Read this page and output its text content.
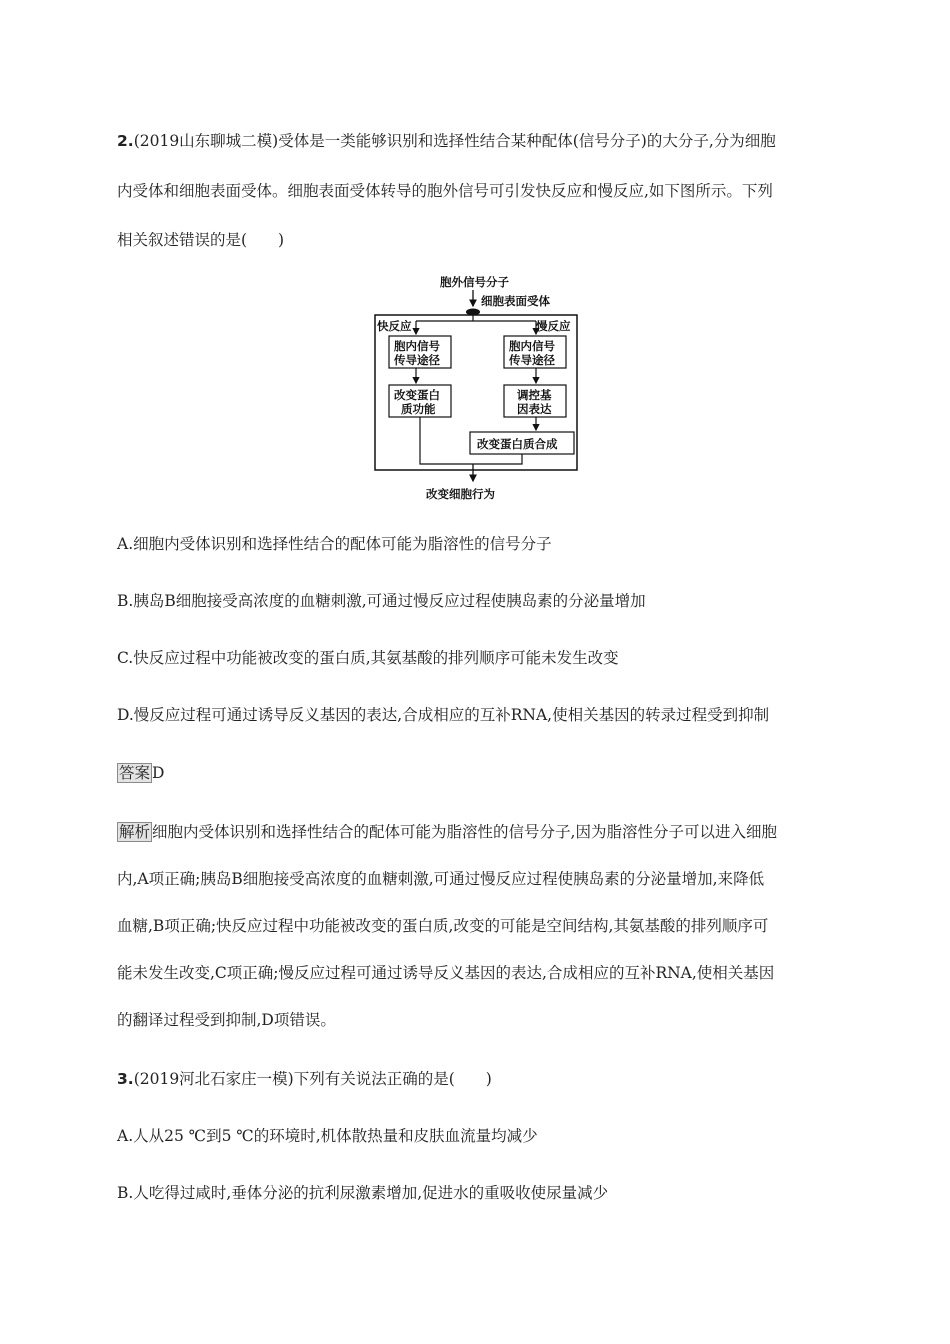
2.(2019山东聊城二模)受体是一类能够识别和选择性结合某种配体(信号分子)的大分子,分为细胞
内受体和细胞表面受体。细胞表面受体转导的胞外信号可引发快反应和慢反应,如下图所示。下列
相关叙述错误的是(　　)
胞外信号分子
细胞表面受体
快反应	慢反应
胞内信号
传导途径
胞内信号
传导途径
改变蛋白
质功能
调控基
因表达
改变蛋白质合成
改变细胞行为
A.细胞内受体识别和选择性结合的配体可能为脂溶性的信号分子
B.胰岛B细胞接受高浓度的血糖刺激,可通过慢反应过程使胰岛素的分泌量增加
C.快反应过程中功能被改变的蛋白质,其氨基酸的排列顺序可能未发生改变
D.慢反应过程可通过诱导反义基因的表达,合成相应的互补RNA,使相关基因的转录过程受到抑制
答案 D
解析 细胞内受体识别和选择性结合的配体可能为脂溶性的信号分子,因为脂溶性分子可以进入细胞
内,A项正确;胰岛B细胞接受高浓度的血糖刺激,可通过慢反应过程使胰岛素的分泌量增加,来降低
血糖,B项正确;快反应过程中功能被改变的蛋白质,改变的可能是空间结构,其氨基酸的排列顺序可
能未发生改变,C项正确;慢反应过程可通过诱导反义基因的表达,合成相应的互补RNA,使相关基因
的翻译过程受到抑制,D项错误。
3.(2019河北石家庄一模)下列有关说法正确的是(　　)
A.人从25 ℃到5 ℃的环境时,机体散热量和皮肤血流量均减少
B.人吃得过咸时,垂体分泌的抗利尿激素增加,促进水的重吸收使尿量减少
